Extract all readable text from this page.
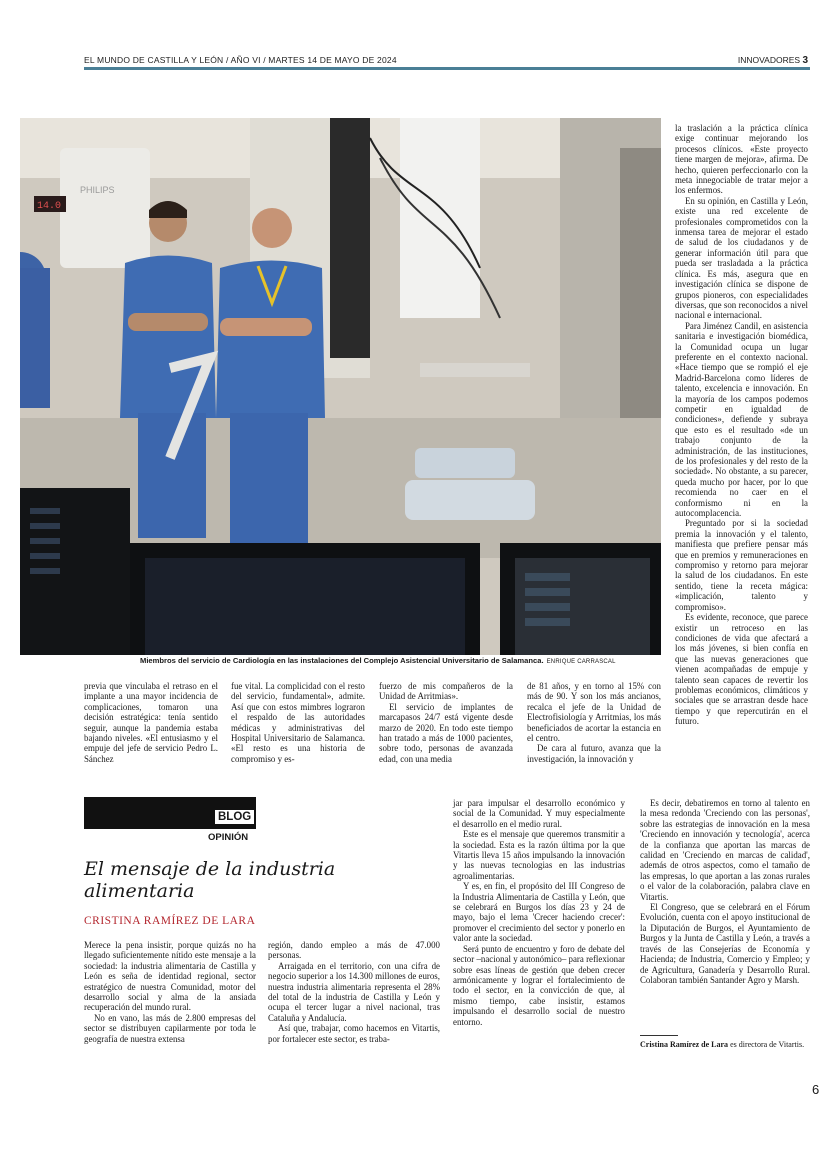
EL MUNDO DE CASTILLA Y LEÓN / AÑO VI / MARTES 14 DE MAYO DE 2024	INNOVADORES 3
PHILIPS
14.0
Miembros del servicio de Cardiología en las instalaciones del Complejo Asistencial Universitario de Salamanca. ENRIQUE CARRASCAL

la traslación a la práctica clínica exige continuar mejorando los procesos clínicos. «Este proyecto tiene margen de mejora», afirma. De hecho, quieren perfeccionarlo con la meta innegociable de tratar mejor a los enfermos.

En su opinión, en Castilla y León, existe una red excelente de profesionales comprometidos con la inmensa tarea de mejorar el estado de salud de los ciudadanos y de generar información útil para que pueda ser trasladada a la práctica clínica. Es más, asegura que en investigación clínica se dispone de grupos pioneros, con especialidades diversas, que son reconocidos a nivel nacional e internacional.

Para Jiménez Candil, en asistencia sanitaria e investigación biomédica, la Comunidad ocupa un lugar preferente en el contexto nacional. «Hace tiempo que se rompió el eje Madrid-Barcelona como líderes de talento, excelencia e innovación. En la mayoría de los campos podemos competir en igualdad de condiciones», defiende y subraya que esto es el resultado «de un trabajo conjunto de la administración, de las instituciones, de los profesionales y del resto de la sociedad». No obstante, a su parecer, queda mucho por hacer, por lo que recomienda no caer en el conformismo ni en la autocomplacencia.

Preguntado por si la sociedad premia la innovación y el talento, manifiesta que prefiere pensar más que en premios y remuneraciones en compromiso y retorno para mejorar la salud de los ciudadanos. En este sentido, tiene la receta mágica: «implicación, talento y compromiso».

Es evidente, reconoce, que parece existir un retroceso en las condiciones de vida que afectará a los más jóvenes, si bien confía en que las nuevas generaciones que vienen acompañadas de empuje y talento sean capaces de revertir los problemas económicos, climáticos y sociales que se arrastran desde hace tiempo y que repercutirán en el futuro.

previa que vinculaba el retraso en el implante a una mayor incidencia de complicaciones, tomaron una decisión estratégica: tenía sentido seguir, aunque la pandemia estaba bajando niveles. «El entusiasmo y el empuje del jefe de servicio Pedro L. Sánchez

fue vital. La complicidad con el resto del servicio, fundamental», admite. Así que con estos mimbres lograron el respaldo de las autoridades médicas y administrativas del Hospital Universitario de Salamanca. «El resto es una historia de compromiso y es-

fuerzo de mis compañeros de la Unidad de Arritmias».

El servicio de implantes de marcapasos 24/7 está vigente desde marzo de 2020. En todo este tiempo han tratado a más de 1000 pacientes, sobre todo, personas de avanzada edad, con una media

de 81 años, y en torno al 15% con más de 90. Y son los más ancianos, recalca el jefe de la Unidad de Electrofisiología y Arritmias, los más beneficiados de acortar la estancia en el centro.

De cara al futuro, avanza que la investigación, la innovación y

BLOG
OPINIÓN
El mensaje de la industria alimentaria
CRISTINA RAMÍREZ DE LARA

Merece la pena insistir, porque quizás no ha llegado suficientemente nítido este mensaje a la sociedad: la industria alimentaria de Castilla y León es seña de identidad regional, sector estratégico de nuestra Comunidad, motor del desarrollo social y alma de la ansiada recuperación del mundo rural.

No en vano, las más de 2.800 empresas del sector se distribuyen capilarmente por toda le geografía de nuestra extensa

región, dando empleo a más de 47.000 personas.

Arraigada en el territorio, con una cifra de negocio superior a los 14.300 millones de euros, nuestra industria alimentaria representa el 28% del total de la industria de Castilla y León y ocupa el tercer lugar a nivel nacional, tras Cataluña y Andalucía.

Así que, trabajar, como hacemos en Vitartis, por fortalecer este sector, es traba-

jar para impulsar el desarrollo económico y social de la Comunidad. Y muy especialmente el desarrollo en el medio rural.

Este es el mensaje que queremos transmitir a la sociedad. Esta es la razón última por la que Vitartis lleva 15 años impulsando la innovación y las nuevas tecnologias en las industrias agroalimentarias.

Y es, en fin, el propósito del III Congreso de la Industria Alimentaria de Castilla y León, que se celebrará en Burgos los días 23 y 24 de mayo, bajo el lema 'Crecer haciendo crecer': promover el crecimiento del sector y ponerlo en valor ante la sociedad.

Será punto de encuentro y foro de debate del sector –nacional y autonómico– para reflexionar sobre esas líneas de gestión que deben crecer armónicamente y lograr el fortalecimiento de todo el sector, en la convicción de que, al mismo tiempo, cabe insistir, estamos impulsando el desarrollo social de nuestro entorno.

Es decir, debatiremos en torno al talento en la mesa redonda 'Creciendo con las personas', sobre las estrategias de innovación en la mesa 'Creciendo en innovación y tecnología', acerca de la confianza que aportan las marcas de calidad en 'Creciendo en marcas de calidad', además de otros aspectos, como el tamaño de las empresas, lo que aportan a las zonas rurales o el valor de la colaboración, palabra clave en Vitartis.

El Congreso, que se celebrará en el Fórum Evolución, cuenta con el apoyo institucional de la Diputación de Burgos, el Ayuntamiento de Burgos y la Junta de Castilla y León, a través a través de las Consejerías de Economía y Hacienda; de Industria, Comercio y Empleo; y de Agricultura, Ganadería y Desarrollo Rural. Colaboran también Santander Agro y Marsh.

Cristina Ramírez de Lara es directora de Vitartis.
6
